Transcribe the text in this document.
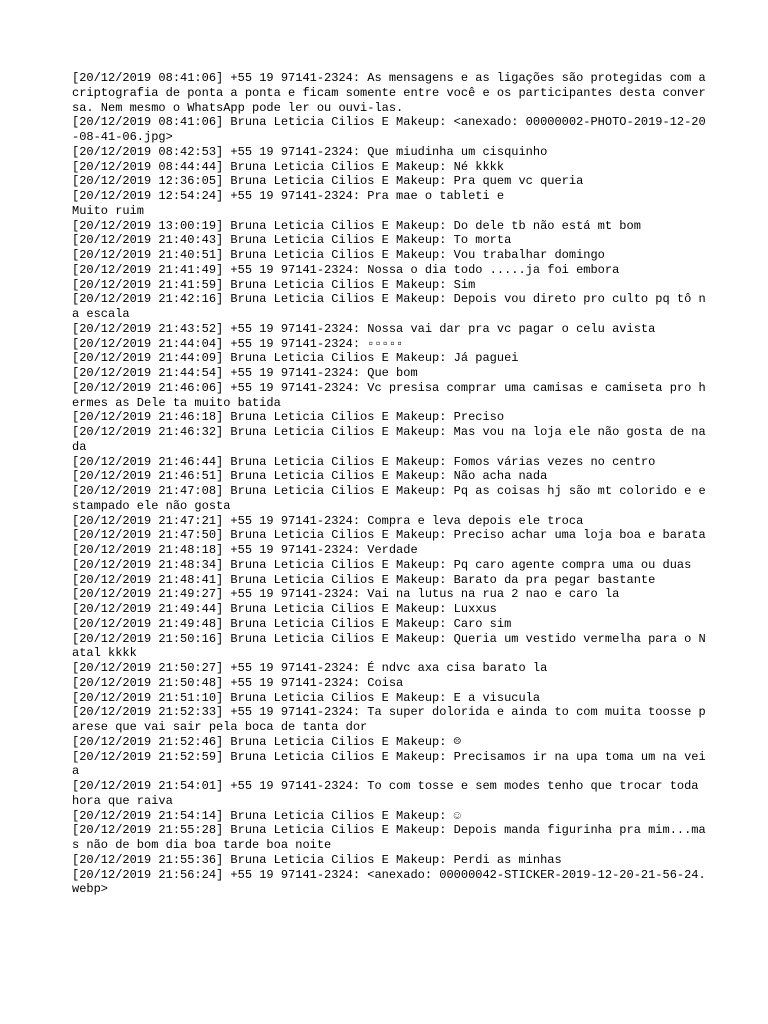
[20/12/2019 08:41:06] +55 19 97141-2324: As mensagens e as ligações são protegidas com a criptografia de ponta a ponta e ficam somente entre você e os participantes desta conversa. Nem mesmo o WhatsApp pode ler ou ouvi-las.

[20/12/2019 08:41:06] Bruna Leticia Cilios E Makeup: <anexado: 00000002-PHOTO-2019-12-20-08-41-06.jpg>

[20/12/2019 08:42:53] +55 19 97141-2324: Que miudinha um cisquinho

[20/12/2019 08:44:44] Bruna Leticia Cilios E Makeup: Né kkkk

[20/12/2019 12:36:05] Bruna Leticia Cilios E Makeup: Pra quem vc queria

[20/12/2019 12:54:24] +55 19 97141-2324: Pra mae o tableti e
Muito ruim

[20/12/2019 13:00:19] Bruna Leticia Cilios E Makeup: Do dele tb não está mt bom

[20/12/2019 21:40:43] Bruna Leticia Cilios E Makeup: To morta

[20/12/2019 21:40:51] Bruna Leticia Cilios E Makeup: Vou trabalhar domingo

[20/12/2019 21:41:49] +55 19 97141-2324: Nossa o dia todo .....ja foi embora

[20/12/2019 21:41:59] Bruna Leticia Cilios E Makeup: Sim

[20/12/2019 21:42:16] Bruna Leticia Cilios E Makeup: Depois vou direto pro culto pq tô na escala

[20/12/2019 21:43:52] +55 19 97141-2324: Nossa vai dar pra vc pagar o celu avista

[20/12/2019 21:44:04] +55 19 97141-2324: ▫▫▫▫▫

[20/12/2019 21:44:09] Bruna Leticia Cilios E Makeup: Já paguei

[20/12/2019 21:44:54] +55 19 97141-2324: Que bom

[20/12/2019 21:46:06] +55 19 97141-2324: Vc presisa comprar uma camisas e camiseta pro hermes as Dele ta muito batida

[20/12/2019 21:46:18] Bruna Leticia Cilios E Makeup: Preciso

[20/12/2019 21:46:32] Bruna Leticia Cilios E Makeup: Mas vou na loja ele não gosta de nada

[20/12/2019 21:46:44] Bruna Leticia Cilios E Makeup: Fomos várias vezes no centro

[20/12/2019 21:46:51] Bruna Leticia Cilios E Makeup: Não acha nada

[20/12/2019 21:47:08] Bruna Leticia Cilios E Makeup: Pq as coisas hj são mt colorido e estampado ele não gosta

[20/12/2019 21:47:21] +55 19 97141-2324: Compra e leva depois ele troca

[20/12/2019 21:47:50] Bruna Leticia Cilios E Makeup: Preciso achar uma loja boa e barata

[20/12/2019 21:48:18] +55 19 97141-2324: Verdade

[20/12/2019 21:48:34] Bruna Leticia Cilios E Makeup: Pq caro agente compra uma ou duas

[20/12/2019 21:48:41] Bruna Leticia Cilios E Makeup: Barato da pra pegar bastante

[20/12/2019 21:49:27] +55 19 97141-2324: Vai na lutus na rua 2 nao e caro la

[20/12/2019 21:49:44] Bruna Leticia Cilios E Makeup: Luxxus

[20/12/2019 21:49:48] Bruna Leticia Cilios E Makeup: Caro sim

[20/12/2019 21:50:16] Bruna Leticia Cilios E Makeup: Queria um vestido vermelha para o Natal kkkk

[20/12/2019 21:50:27] +55 19 97141-2324: É ndvc axa cisa barato la

[20/12/2019 21:50:48] +55 19 97141-2324: Coisa

[20/12/2019 21:51:10] Bruna Leticia Cilios E Makeup: E a visucula

[20/12/2019 21:52:33] +55 19 97141-2324: Ta super dolorida e ainda to com muita toosse parese que vai sair pela boca de tanta dor

[20/12/2019 21:52:46] Bruna Leticia Cilios E Makeup: ☹

[20/12/2019 21:52:59] Bruna Leticia Cilios E Makeup: Precisamos ir na upa toma um na veia

[20/12/2019 21:54:01] +55 19 97141-2324: To com tosse e sem modes tenho que trocar toda hora que raiva

[20/12/2019 21:54:14] Bruna Leticia Cilios E Makeup: ☺

[20/12/2019 21:55:28] Bruna Leticia Cilios E Makeup: Depois manda figurinha pra mim...mas não de bom dia boa tarde boa noite

[20/12/2019 21:55:36] Bruna Leticia Cilios E Makeup: Perdi as minhas

[20/12/2019 21:56:24] +55 19 97141-2324: <anexado: 00000042-STICKER-2019-12-20-21-56-24.webp>
